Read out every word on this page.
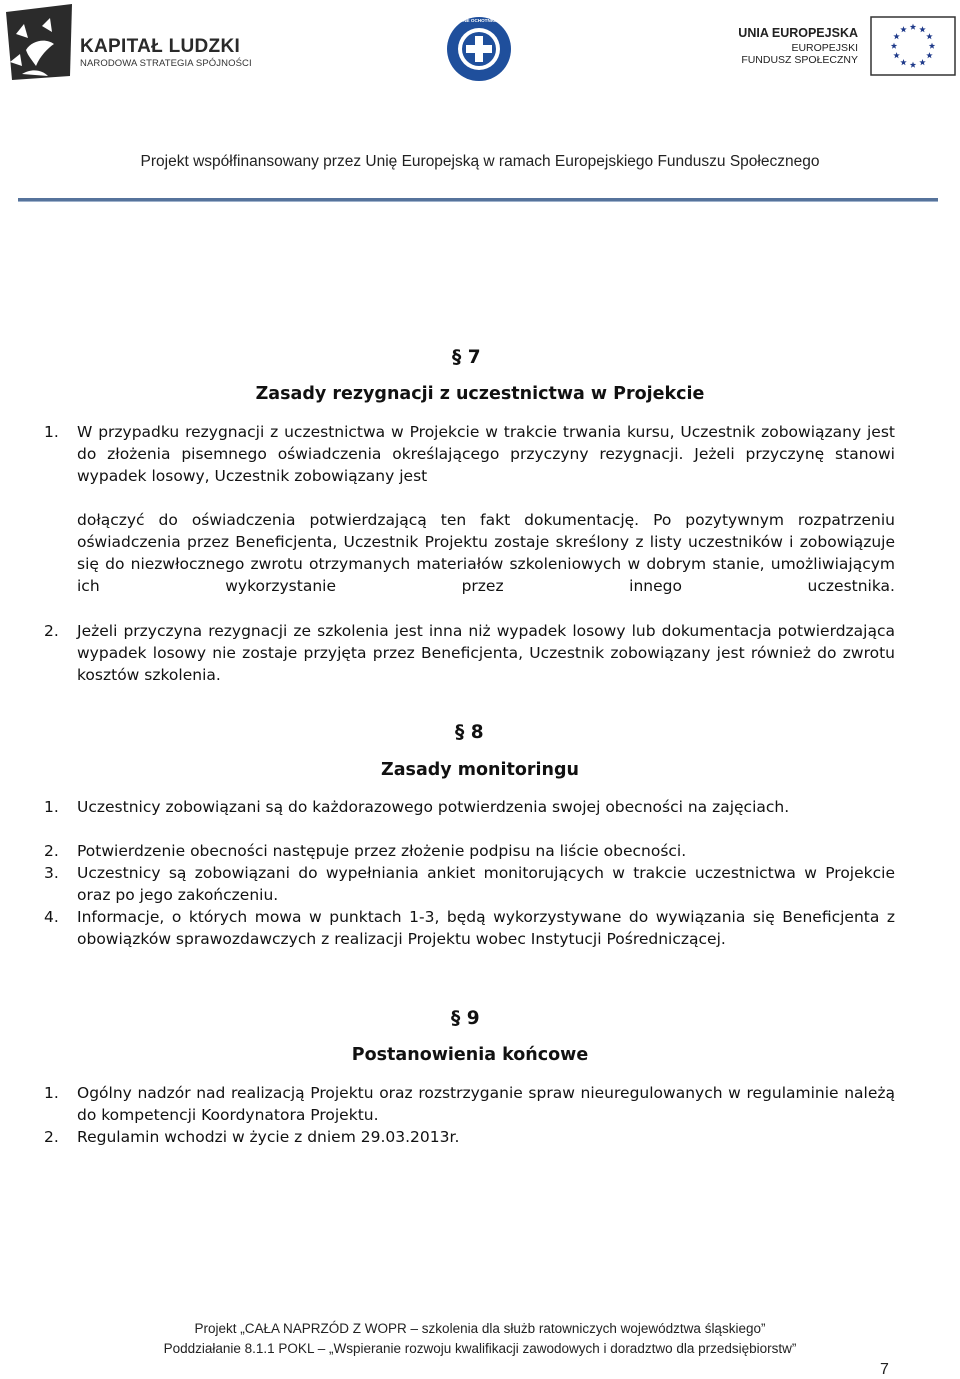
KAPITAŁ LUDZKI
NARODOWA STRATEGIA SPÓJNOŚCI
WODNE OCHOTNICZE POGOTOWIE RATUNKOWE
UNIA EUROPEJSKA
EUROPEJSKI
FUNDUSZ SPOŁECZNY
Projekt współfinansowany przez Unię Europejską w ramach Europejskiego Funduszu Społecznego
§ 7
Zasady rezygnacji z uczestnictwa w Projekcie
1. W przypadku rezygnacji z uczestnictwa w Projekcie w trakcie trwania kursu, Uczestnik zobowiązany jest do złożenia pisemnego oświadczenia określającego przyczyny rezygnacji. Jeżeli przyczynę stanowi wypadek losowy, Uczestnik zobowiązany jest
dołączyć do oświadczenia potwierdzającą ten fakt dokumentację. Po pozytywnym rozpatrzeniu oświadczenia przez Beneficjenta, Uczestnik Projektu zostaje skreślony z listy uczestników i zobowiązuje się do niezwłocznego zwrotu otrzymanych materiałów szkoleniowych w dobrym stanie, umożliwiającym ich wykorzystanie przez innego uczestnika.
2. Jeżeli przyczyna rezygnacji ze szkolenia jest inna niż wypadek losowy lub dokumentacja potwierdzająca wypadek losowy nie zostaje przyjęta przez Beneficjenta, Uczestnik zobowiązany jest również do zwrotu kosztów szkolenia.
§ 8
Zasady monitoringu
1. Uczestnicy zobowiązani są do każdorazowego potwierdzenia swojej obecności na zajęciach.
2. Potwierdzenie obecności następuje przez złożenie podpisu na liście obecności.
3. Uczestnicy są zobowiązani do wypełniania ankiet monitorujących w trakcie uczestnictwa w Projekcie oraz po jego zakończeniu.
4. Informacje, o których mowa w punktach 1-3, będą wykorzystywane do wywiązania się Beneficjenta z obowiązków sprawozdawczych z realizacji Projektu wobec Instytucji Pośredniczącej.
§ 9
Postanowienia końcowe
1. Ogólny nadzór nad realizacją Projektu oraz rozstrzyganie spraw nieuregulowanych w regulaminie należą do kompetencji Koordynatora Projektu.
2. Regulamin wchodzi w życie z dniem 29.03.2013r.
Projekt „CAŁA NAPRZÓD Z WOPR – szkolenia dla służb ratowniczych województwa śląskiego”
Poddziałanie 8.1.1 POKL – „Wspieranie rozwoju kwalifikacji zawodowych i doradztwo dla przedsiębiorstw”
7
